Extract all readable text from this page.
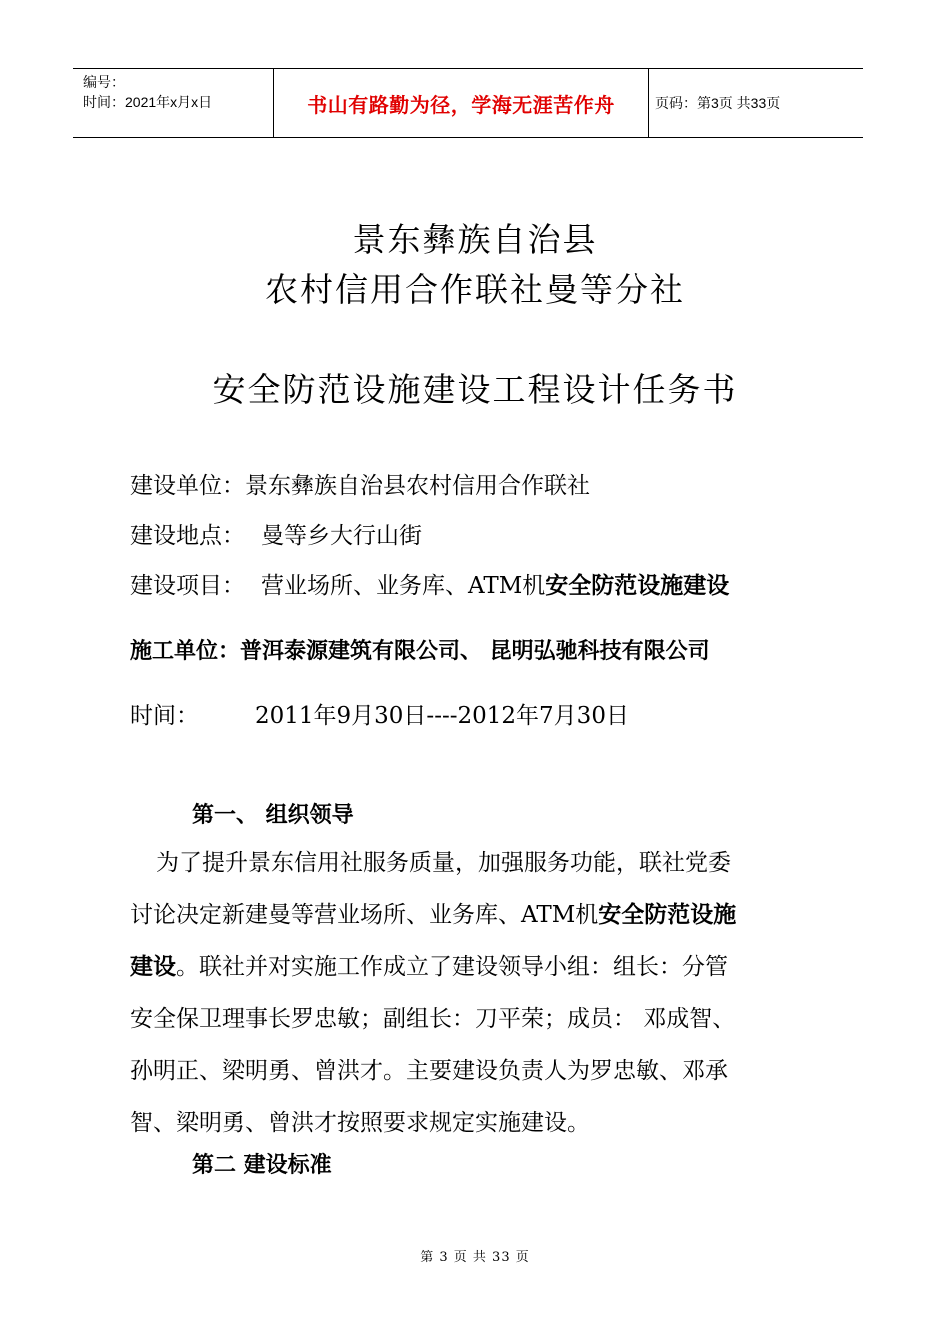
编号：
时间：2021年x月x日	书山有路勤为径，学海无涯苦作舟	页码：第3页 共33页
景东彝族自治县
农村信用合作联社曼等分社
安全防范设施建设工程设计任务书
建设单位：景东彝族自治县农村信用合作联社
建设地点： 曼等乡大行山街
建设项目： 营业场所、业务库、ATM机安全防范设施建设
施工单位：普洱泰源建筑有限公司、 昆明弘驰科技有限公司
时间： 2011年9月30日----2012年7月30日
第一、 组织领导
为了提升景东信用社服务质量，加强服务功能，联社党委
讨论决定新建曼等营业场所、业务库、ATM机安全防范设施
建设。联社并对实施工作成立了建设领导小组：组长：分管
安全保卫理事长罗忠敏；副组长：刀平荣；成员： 邓成智、
孙明正、梁明勇、曾洪才。主要建设负责人为罗忠敏、邓承
智、梁明勇、曾洪才按照要求规定实施建设。
第二 建设标准
第 3 页 共 33 页
